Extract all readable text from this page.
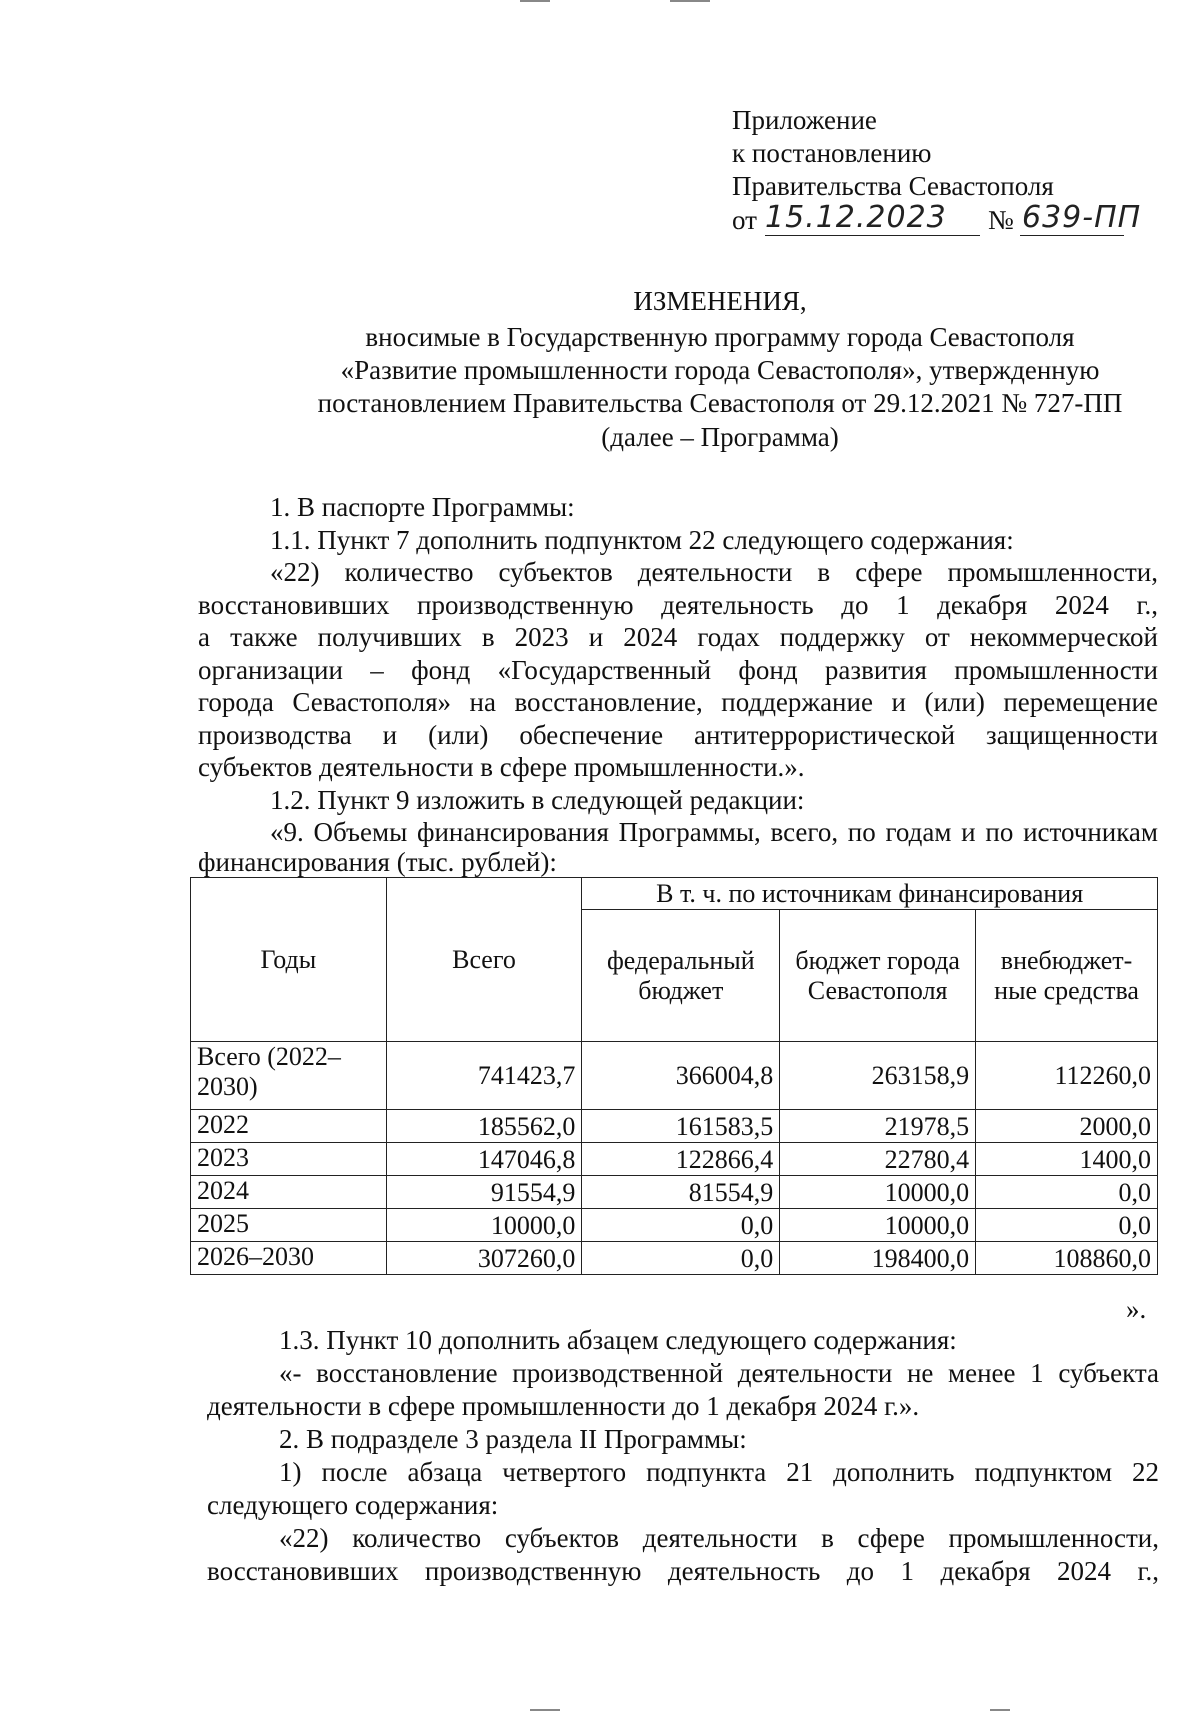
Приложение
к постановлению
Правительства Севастополя
от 15.12.2023 № 639-ПП
ИЗМЕНЕНИЯ,
вносимые в Государственную программу города Севастополя
«Развитие промышленности города Севастополя», утвержденную
постановлением Правительства Севастополя от 29.12.2021 № 727-ПП
(далее – Программа)
1. В паспорте Программы:
1.1. Пункт 7 дополнить подпунктом 22 следующего содержания:
«22) количество субъектов деятельности в сфере промышленности,
восстановивших производственную деятельность до 1 декабря 2024 г.,
а также получивших в 2023 и 2024 годах поддержку от некоммерческой
организации – фонд «Государственный фонд развития промышленности
города Севастополя» на восстановление, поддержание и (или) перемещение
производства и (или) обеспечение антитеррористической защищенности
субъектов деятельности в сфере промышленности.».
1.2. Пункт 9 изложить в следующей редакции:
«9. Объемы финансирования Программы, всего, по годам и по источникам
финансирования (тыс. рублей):
Годы	Всего	В т. ч. по источникам финансирования		
		федеральный бюджет	бюджет города Севастополя	внебюджет-ные средства
Всего (2022–2030)	741423,7	366004,8	263158,9	112260,0
2022	185562,0	161583,5	21978,5	2000,0
2023	147046,8	122866,4	22780,4	1400,0
2024	91554,9	81554,9	10000,0	0,0
2025	10000,0	0,0	10000,0	0,0
2026–2030	307260,0	0,0	198400,0	108860,0
».
1.3. Пункт 10 дополнить абзацем следующего содержания:
«- восстановление производственной деятельности не менее 1 субъекта
деятельности в сфере промышленности до 1 декабря 2024 г.».
2. В подразделе 3 раздела II Программы:
1) после абзаца четвертого подпункта 21 дополнить подпунктом 22
следующего содержания:
«22) количество субъектов деятельности в сфере промышленности,
восстановивших производственную деятельность до 1 декабря 2024 г.,
